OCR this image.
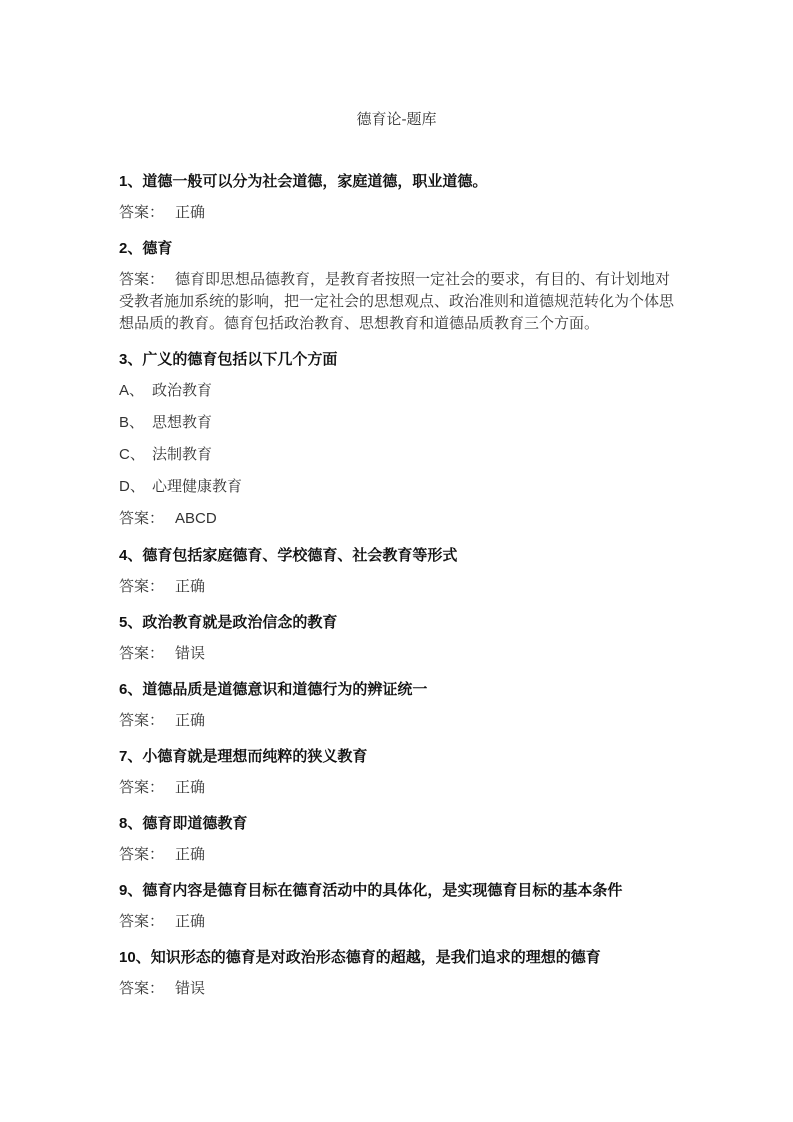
德育论-题库
1、道德一般可以分为社会道德，家庭道德，职业道德。
答案： 正确
2、德育
答案： 德育即思想品德教育，是教育者按照一定社会的要求，有目的、有计划地对受教者施加系统的影响，把一定社会的思想观点、政治准则和道德规范转化为个体思想品质的教育。德育包括政治教育、思想教育和道德品质教育三个方面。
3、广义的德育包括以下几个方面
A、 政治教育
B、 思想教育
C、 法制教育
D、 心理健康教育
答案： ABCD
4、德育包括家庭德育、学校德育、社会教育等形式
答案： 正确
5、政治教育就是政治信念的教育
答案： 错误
6、道德品质是道德意识和道德行为的辨证统一
答案： 正确
7、小德育就是理想而纯粹的狭义教育
答案： 正确
8、德育即道德教育
答案： 正确
9、德育内容是德育目标在德育活动中的具体化，是实现德育目标的基本条件
答案： 正确
10、知识形态的德育是对政治形态德育的超越，是我们追求的理想的德育
答案： 错误
